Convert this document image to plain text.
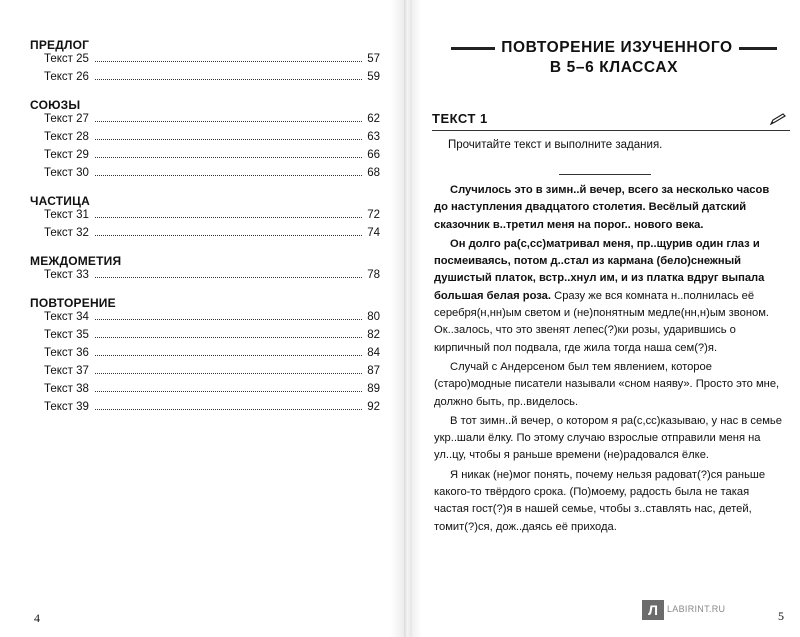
ПРЕДЛОГ
Текст 25	57
Текст 26	59
СОЮЗЫ
Текст 27	62
Текст 28	63
Текст 29	66
Текст 30	68
ЧАСТИЦА
Текст 31	72
Текст 32	74
МЕЖДОМЕТИЯ
Текст 33	78
ПОВТОРЕНИЕ
Текст 34	80
Текст 35	82
Текст 36	84
Текст 37	87
Текст 38	89
Текст 39	92
4
ПОВТОРЕНИЕ ИЗУЧЕННОГО
В 5–6 КЛАССАХ
ТЕКСТ 1
Прочитайте текст и выполните задания.

Случилось это в зимн..й вечер, всего за несколько часов до наступления двадцатого столетия. Весёлый датский сказочник в..третил меня на порог.. нового века.

Он долго ра(с,сс)матривал меня, пр..щурив один глаз и посмеиваясь, потом д..стал из кармана (бело)снежный душистый платок, встр..хнул им, и из платка вдруг выпала большая белая роза. Сразу же вся комната н..полнилась её серебря(н,нн)ым светом и (не)понятным медле(нн,н)ым звоном. Ок..залось, что это звенят лепес(?)ки розы, ударившись о кирпичный пол подвала, где жила тогда наша сем(?)я.

Случай с Андерсеном был тем явлением, которое (старо)модные писатели называли «сном наяву». Просто это мне, должно быть, пр..виделось.

В тот зимн..й вечер, о котором я ра(с,сс)казываю, у нас в семье укр..шали ёлку. По этому случаю взрослые отправили меня на ул..цу, чтобы я раньше времени (не)радовался ёлке.

Я никак (не)мог понять, почему нельзя радоват(?)ся раньше какого-то твёрдого срока. (По)моему, радость была не такая частая гост(?)я в нашей семье, чтобы з..ставлять нас, детей, томит(?)ся, дож..даясь её прихода.

Л	LABIRINT.RU	5
